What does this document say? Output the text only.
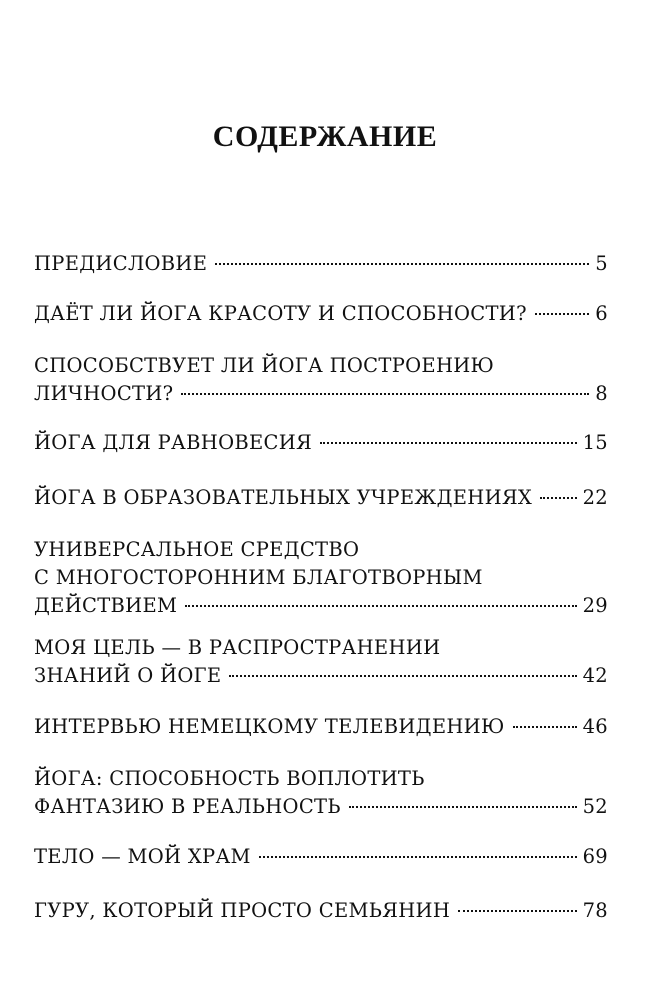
СОДЕРЖАНИЕ
ПРЕДИСЛОВИЕ	5
ДАЁТ ЛИ ЙОГА КРАСОТУ И СПОСОБНОСТИ?	6
СПОСОБСТВУЕТ ЛИ ЙОГА ПОСТРОЕНИЮ
ЛИЧНОСТИ?	8
ЙОГА ДЛЯ РАВНОВЕСИЯ	15
ЙОГА В ОБРАЗОВАТЕЛЬНЫХ УЧРЕЖДЕНИЯХ	22
УНИВЕРСАЛЬНОЕ СРЕДСТВО
С МНОГОСТОРОННИМ БЛАГОТВОРНЫМ
ДЕЙСТВИЕМ	29
МОЯ ЦЕЛЬ — В РАСПРОСТРАНЕНИИ
ЗНАНИЙ О ЙОГЕ	42
ИНТЕРВЬЮ НЕМЕЦКОМУ ТЕЛЕВИДЕНИЮ	46
ЙОГА: СПОСОБНОСТЬ ВОПЛОТИТЬ
ФАНТАЗИЮ В РЕАЛЬНОСТЬ	52
ТЕЛО — МОЙ ХРАМ	69
ГУРУ, КОТОРЫЙ ПРОСТО СЕМЬЯНИН	78
